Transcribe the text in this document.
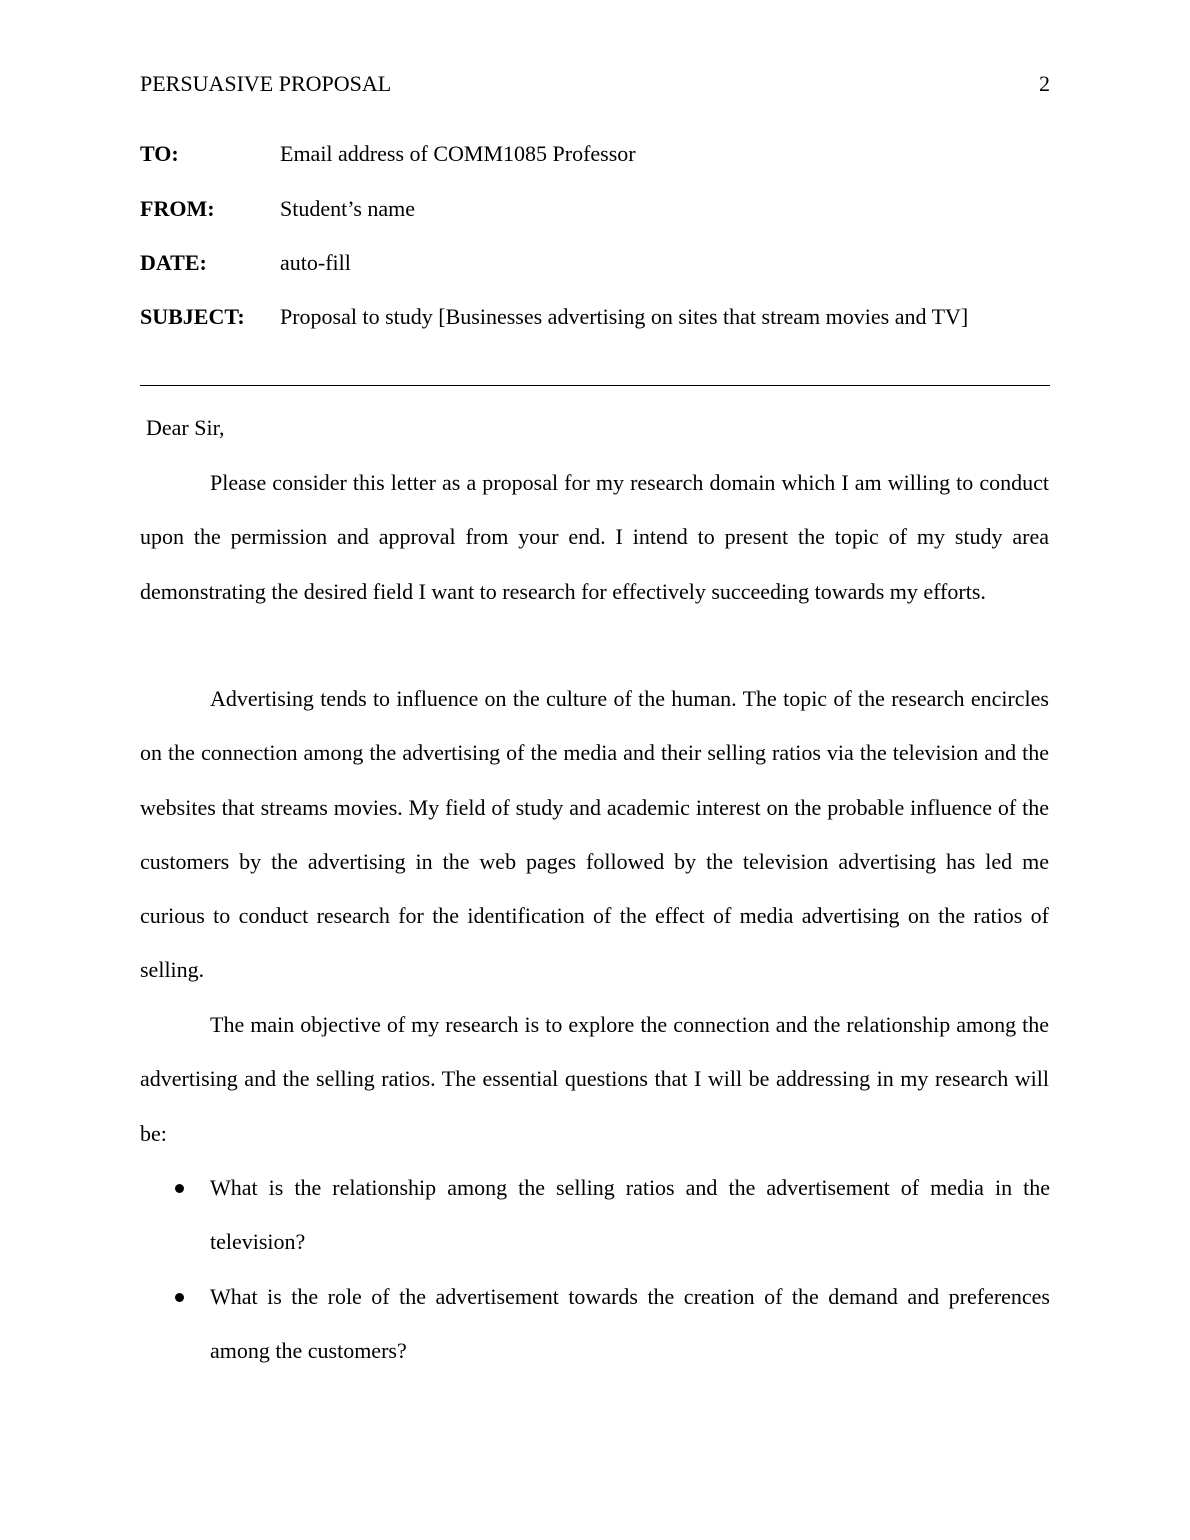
PERSUASIVE PROPOSAL	2
TO:	Email address of COMM1085 Professor
FROM:	Student’s name
DATE:	auto-fill
SUBJECT: Proposal to study [Businesses advertising on sites that stream movies and TV]
Dear Sir,

Please consider this letter as a proposal for my research domain which I am willing to conduct upon the permission and approval from your end. I intend to present the topic of my study area demonstrating the desired field I want to research for effectively succeeding towards my efforts.

Advertising tends to influence on the culture of the human. The topic of the research encircles on the connection among the advertising of the media and their selling ratios via the television and the websites that streams movies. My field of study and academic interest on the probable influence of the customers by the advertising in the web pages followed by the television advertising has led me curious to conduct research for the identification of the effect of media advertising on the ratios of selling.

The main objective of my research is to explore the connection and the relationship among the advertising and the selling ratios. The essential questions that I will be addressing in my research will be:

What is the relationship among the selling ratios and the advertisement of media in the television?
What is the role of the advertisement towards the creation of the demand and preferences among the customers?
